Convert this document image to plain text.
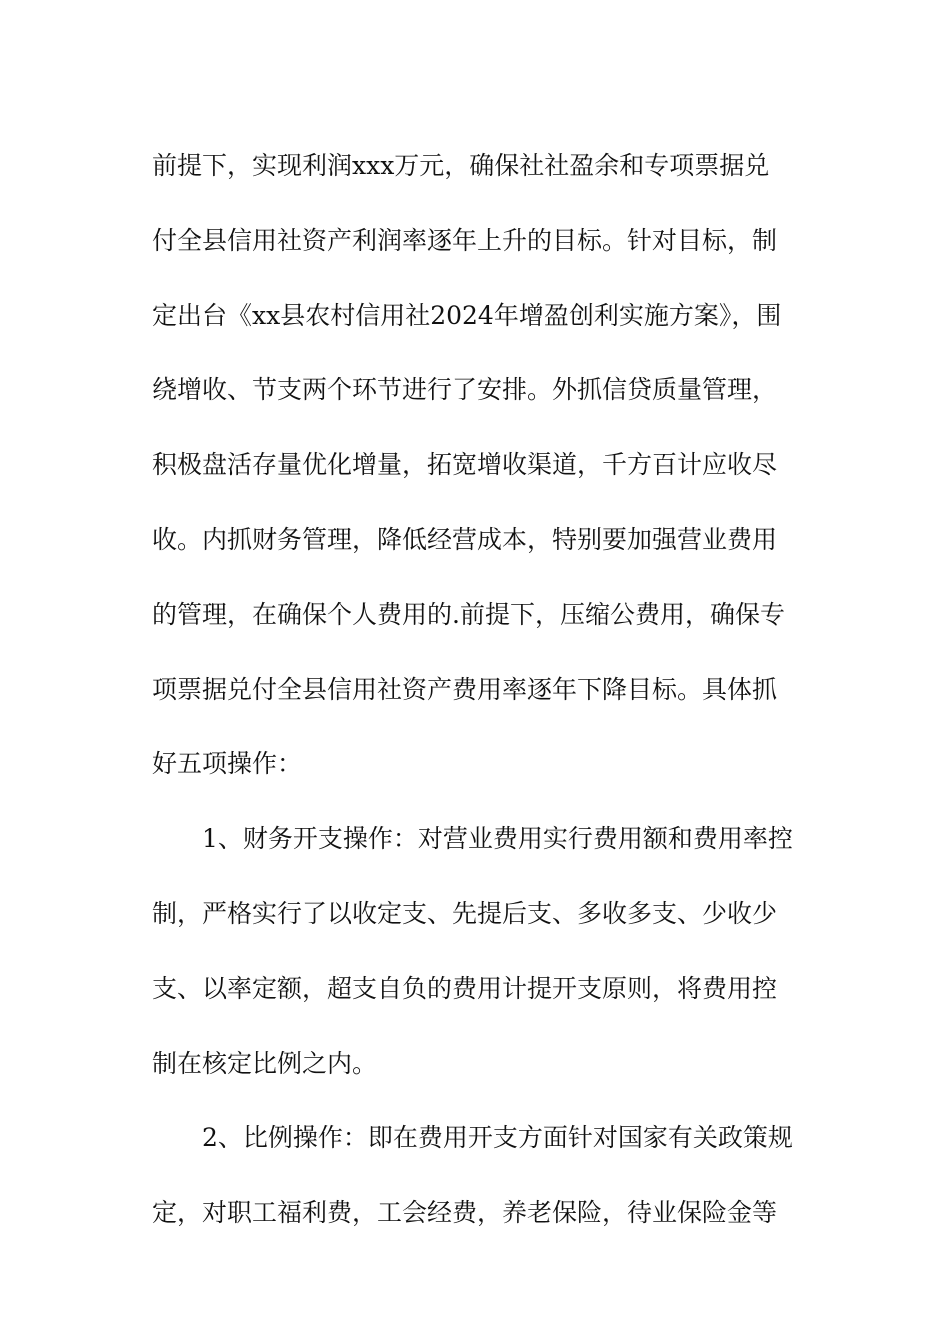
前提下，实现利润xxx万元，确保社社盈余和专项票据兑
付全县信用社资产利润率逐年上升的目标。针对目标，制
定出台《xx县农村信用社2024年增盈创利实施方案》，围
绕增收、节支两个环节进行了安排。外抓信贷质量管理，
积极盘活存量优化增量，拓宽增收渠道，千方百计应收尽
收。内抓财务管理，降低经营成本，特别要加强营业费用
的管理，在确保个人费用的.前提下，压缩公费用，确保专
项票据兑付全县信用社资产费用率逐年下降目标。具体抓
好五项操作：
1、财务开支操作：对营业费用实行费用额和费用率控
制，严格实行了以收定支、先提后支、多收多支、少收少
支、以率定额，超支自负的费用计提开支原则，将费用控
制在核定比例之内。
2、比例操作：即在费用开支方面针对国家有关政策规
定，对职工福利费，工会经费，养老保险，待业保险金等
